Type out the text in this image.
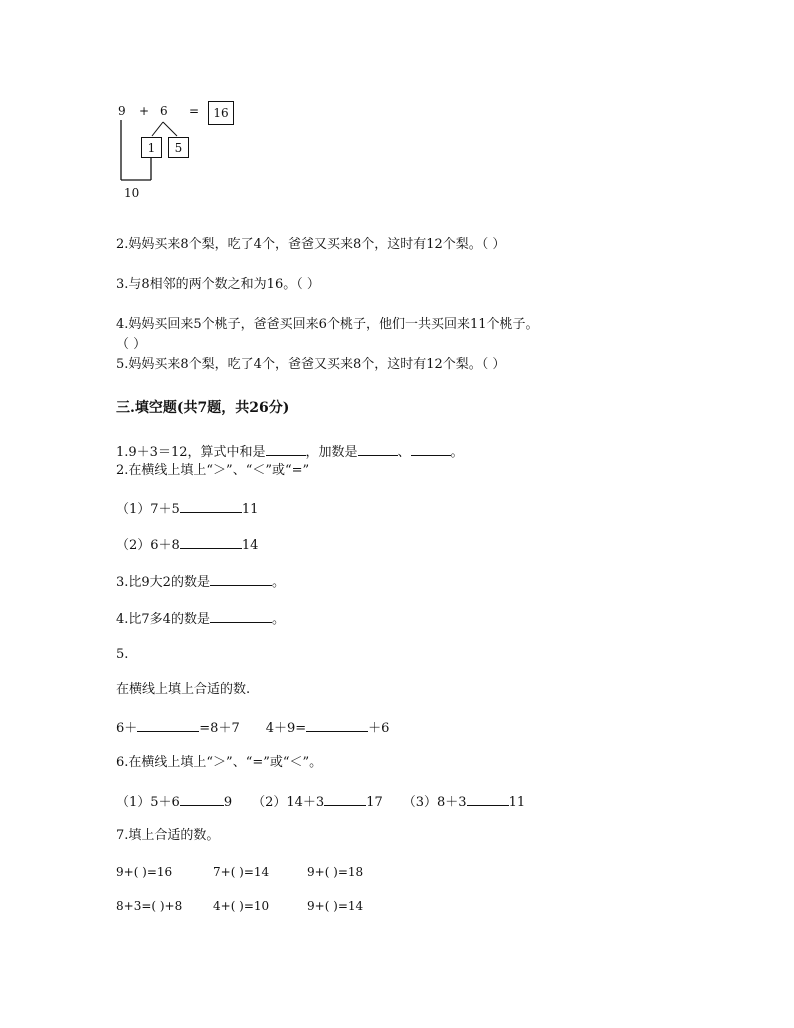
9 + 6 =	16
1	5
10
2.妈妈买来8个梨，吃了4个，爸爸又买来8个，这时有12个梨。（ ）
3.与8相邻的两个数之和为16。（ ）
4.妈妈买回来5个桃子，爸爸买回来6个桃子，他们一共买回来11个桃子。
（ ）
5.妈妈买来8个梨，吃了4个，爸爸又买来8个，这时有12个梨。（ ）
三.填空题(共7题，共26分)
1.9＋3＝12，算式中和是	，加数是	、	。
2.在横线上填上“＞”、“＜”或“=”
（1）7＋5	11
（2）6＋8	14
3.比9大2的数是	。
4.比7多4的数是	。
5.
在横线上填上合适的数.
6＋	=8＋7 4＋9=	＋6
6.在横线上填上“＞”、“=”或“＜”。
（1）5＋6	9 （2）14＋3	17 （3）8＋3	11
7.填上合适的数。
9+( )=16	7+( )=14	9+( )=18
8+3=( )+8	4+( )=10	9+( )=14
